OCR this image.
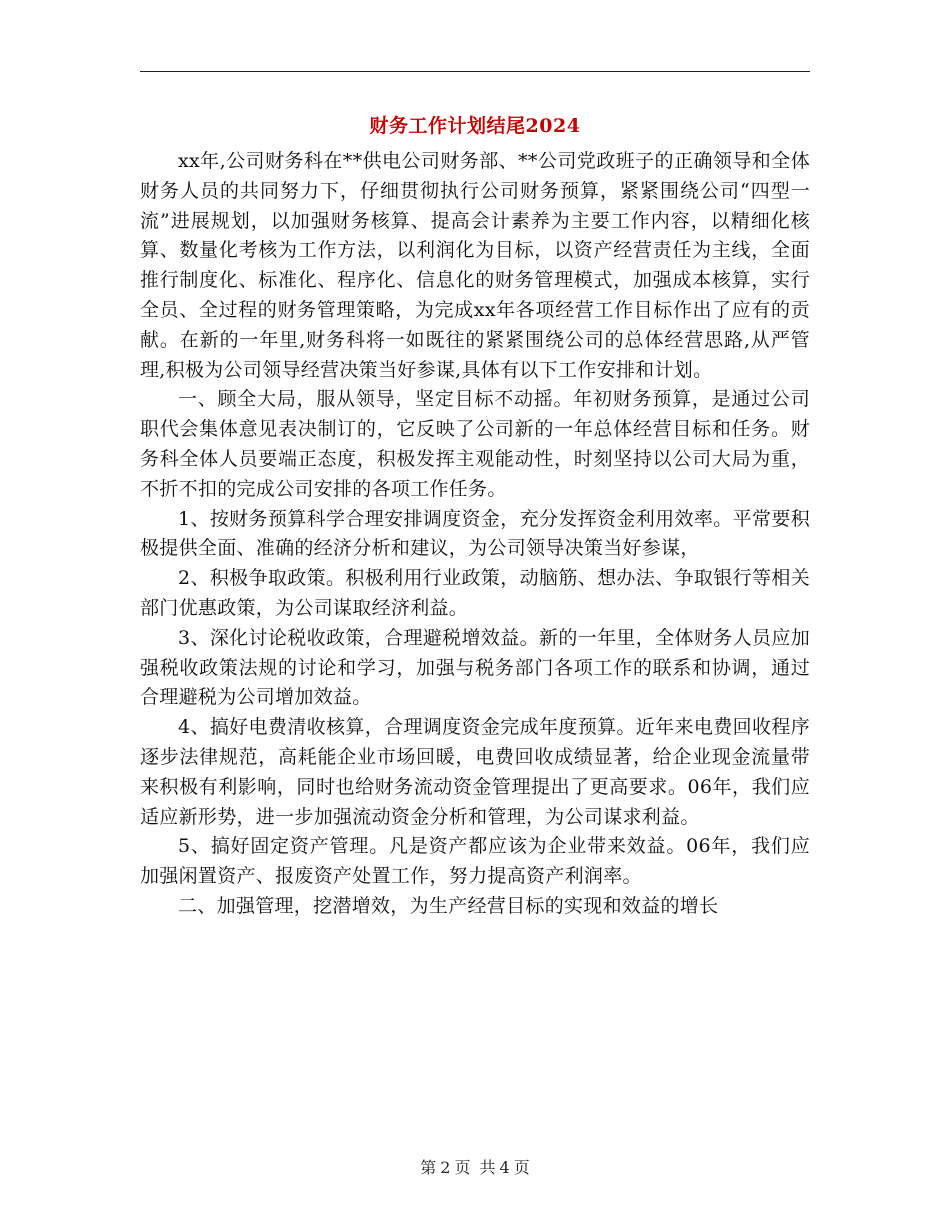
财务工作计划结尾2024

xx年,公司财务科在**供电公司财务部、**公司党政班子的正确领导和全体财务人员的共同努力下，仔细贯彻执行公司财务预算，紧紧围绕公司“四型一流”进展规划，以加强财务核算、提高会计素养为主要工作内容，以精细化核算、数量化考核为工作方法，以利润化为目标，以资产经营责任为主线，全面推行制度化、标准化、程序化、信息化的财务管理模式，加强成本核算，实行全员、全过程的财务管理策略，为完成xx年各项经营工作目标作出了应有的贡献。在新的一年里,财务科将一如既往的紧紧围绕公司的总体经营思路,从严管理,积极为公司领导经营决策当好参谋,具体有以下工作安排和计划。

一、顾全大局，服从领导，坚定目标不动摇。年初财务预算，是通过公司职代会集体意见表决制订的，它反映了公司新的一年总体经营目标和任务。财务科全体人员要端正态度，积极发挥主观能动性，时刻坚持以公司大局为重，不折不扣的完成公司安排的各项工作任务。

1、按财务预算科学合理安排调度资金，充分发挥资金利用效率。平常要积极提供全面、准确的经济分析和建议，为公司领导决策当好参谋，

2、积极争取政策。积极利用行业政策，动脑筋、想办法、争取银行等相关部门优惠政策，为公司谋取经济利益。

3、深化讨论税收政策，合理避税增效益。新的一年里，全体财务人员应加强税收政策法规的讨论和学习，加强与税务部门各项工作的联系和协调，通过合理避税为公司增加效益。

4、搞好电费清收核算，合理调度资金完成年度预算。近年来电费回收程序逐步法律规范，高耗能企业市场回暖，电费回收成绩显著，给企业现金流量带来积极有利影响，同时也给财务流动资金管理提出了更高要求。06年，我们应适应新形势，进一步加强流动资金分析和管理，为公司谋求利益。

5、搞好固定资产管理。凡是资产都应该为企业带来效益。06年，我们应加强闲置资产、报废资产处置工作，努力提高资产利润率。

二、加强管理，挖潜增效，为生产经营目标的实现和效益的增长

第 2 页 共 4 页
